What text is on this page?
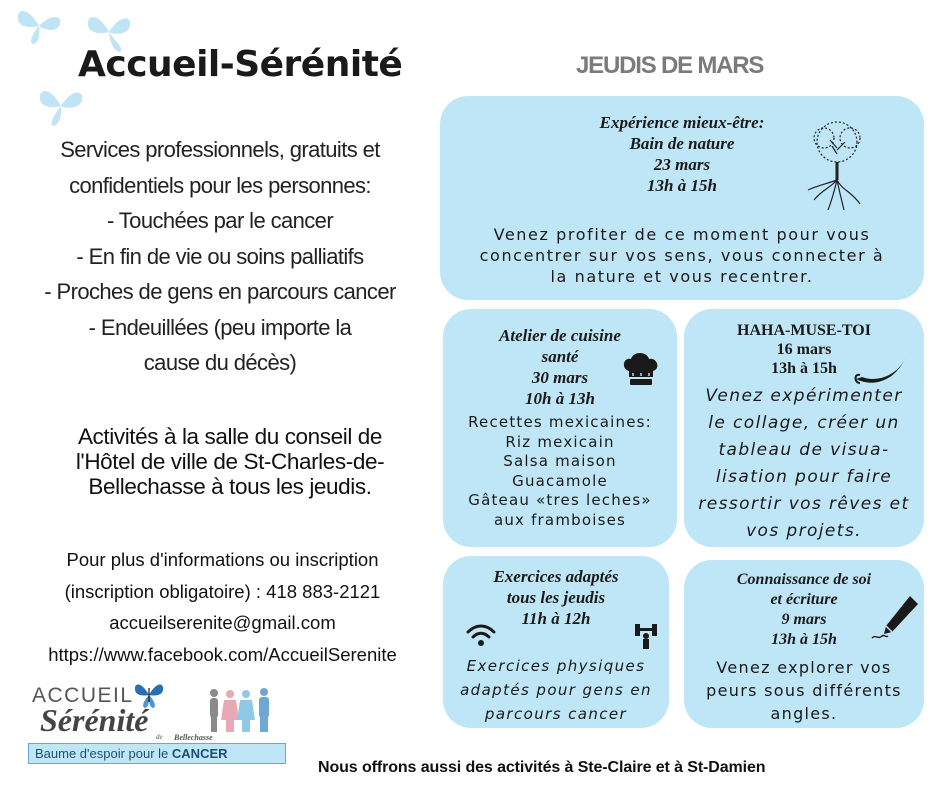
Accueil-Sérénité
Services professionnels, gratuits et
confidentiels pour les personnes:
- Touchées par le cancer
- En fin de vie ou soins palliatifs
- Proches de gens en parcours cancer
- Endeuillées (peu importe la
cause du décès)
Activités à la salle du conseil de
l'Hôtel de ville de St-Charles-de-
Bellechasse à tous les jeudis.
Pour plus d'informations ou inscription
(inscription obligatoire) : 418 883-2121
accueilserenite@gmail.com
https://www.facebook.com/AccueilSerenite
JEUDIS DE MARS
Expérience mieux-être:
Bain de nature
23 mars
13h à 15h
Venez profiter de ce moment pour vous
concentrer sur vos sens, vous connecter à
la nature et vous recentrer.
Atelier de cuisine
santé
30 mars
10h à 13h
Recettes mexicaines:
Riz mexicain
Salsa maison
Guacamole
Gâteau «tres leches»
aux framboises
HAHA-MUSE-TOI
16 mars
13h à 15h
Venez expérimenter
le collage, créer un
tableau de visua-
lisation pour faire
ressortir vos rêves et
vos projets.
Exercices adaptés
tous les jeudis
11h à 12h
Exercices physiques
adaptés pour gens en
parcours cancer
Connaissance de soi
et écriture
9 mars
13h à 15h
Venez explorer vos
peurs sous différents
angles.
ACCUEIL
Sérénité de Bellechasse
Baume d'espoir pour le CANCER
Nous offrons aussi des activités à Ste-Claire et à St-Damien
